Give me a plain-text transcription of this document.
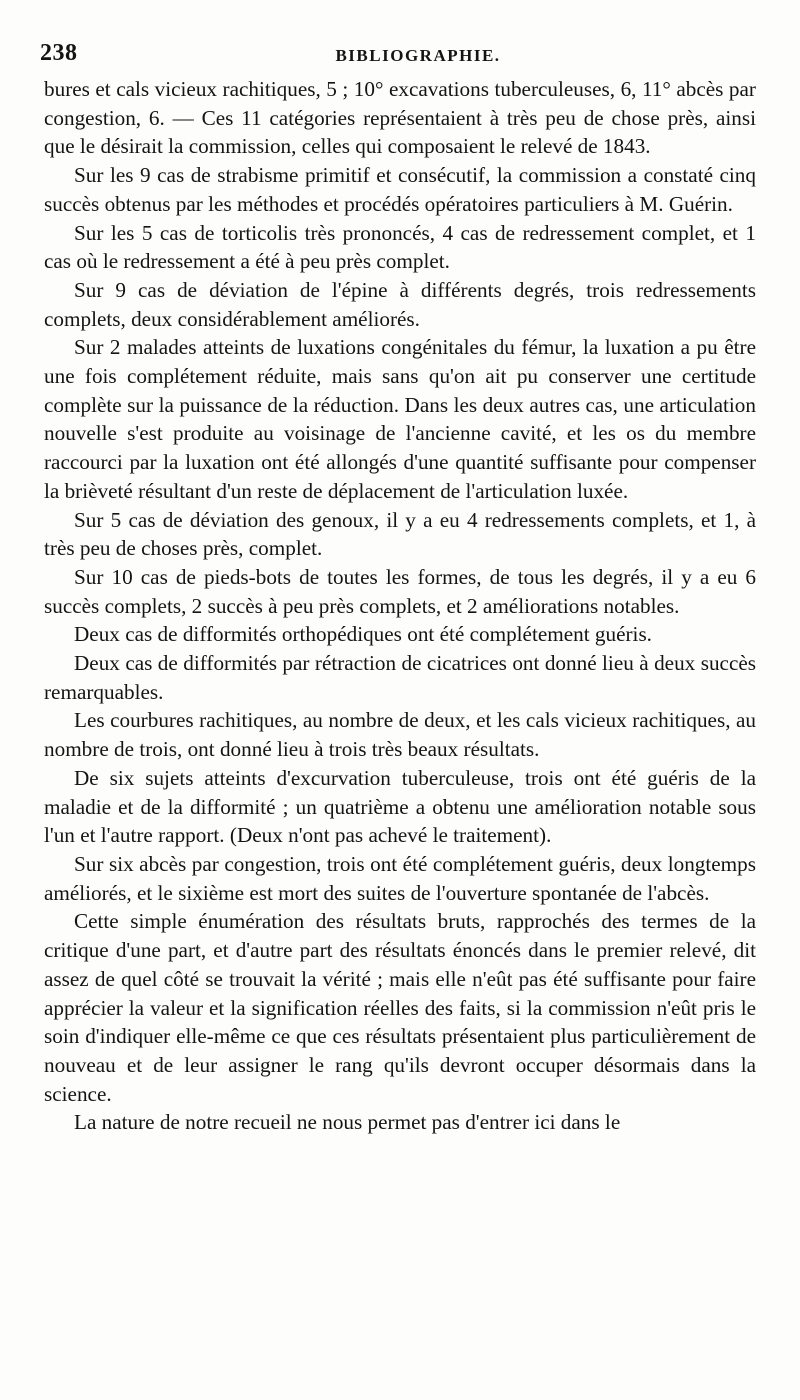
238	BIBLIOGRAPHIE.

bures et cals vicieux rachitiques, 5 ; 10° excavations tuberculeuses, 6, 11° abcès par congestion, 6. — Ces 11 catégories représentaient à très peu de chose près, ainsi que le désirait la commission, celles qui composaient le relevé de 1843.

Sur les 9 cas de strabisme primitif et consécutif, la commission a constaté cinq succès obtenus par les méthodes et procédés opératoires particuliers à M. Guérin.

Sur les 5 cas de torticolis très prononcés, 4 cas de redressement complet, et 1 cas où le redressement a été à peu près complet.

Sur 9 cas de déviation de l'épine à différents degrés, trois redressements complets, deux considérablement améliorés.

Sur 2 malades atteints de luxations congénitales du fémur, la luxation a pu être une fois complétement réduite, mais sans qu'on ait pu conserver une certitude complète sur la puissance de la réduction. Dans les deux autres cas, une articulation nouvelle s'est produite au voisinage de l'ancienne cavité, et les os du membre raccourci par la luxation ont été allongés d'une quantité suffisante pour compenser la brièveté résultant d'un reste de déplacement de l'articulation luxée.

Sur 5 cas de déviation des genoux, il y a eu 4 redressements complets, et 1, à très peu de choses près, complet.

Sur 10 cas de pieds-bots de toutes les formes, de tous les degrés, il y a eu 6 succès complets, 2 succès à peu près complets, et 2 améliorations notables.

Deux cas de difformités orthopédiques ont été complétement guéris.

Deux cas de difformités par rétraction de cicatrices ont donné lieu à deux succès remarquables.

Les courbures rachitiques, au nombre de deux, et les cals vicieux rachitiques, au nombre de trois, ont donné lieu à trois très beaux résultats.

De six sujets atteints d'excurvation tuberculeuse, trois ont été guéris de la maladie et de la difformité ; un quatrième a obtenu une amélioration notable sous l'un et l'autre rapport. (Deux n'ont pas achevé le traitement).

Sur six abcès par congestion, trois ont été complétement guéris, deux longtemps améliorés, et le sixième est mort des suites de l'ouverture spontanée de l'abcès.

Cette simple énumération des résultats bruts, rapprochés des termes de la critique d'une part, et d'autre part des résultats énoncés dans le premier relevé, dit assez de quel côté se trouvait la vérité ; mais elle n'eût pas été suffisante pour faire apprécier la valeur et la signification réelles des faits, si la commission n'eût pris le soin d'indiquer elle-même ce que ces résultats présentaient plus particulièrement de nouveau et de leur assigner le rang qu'ils devront occuper désormais dans la science.

La nature de notre recueil ne nous permet pas d'entrer ici dans le
